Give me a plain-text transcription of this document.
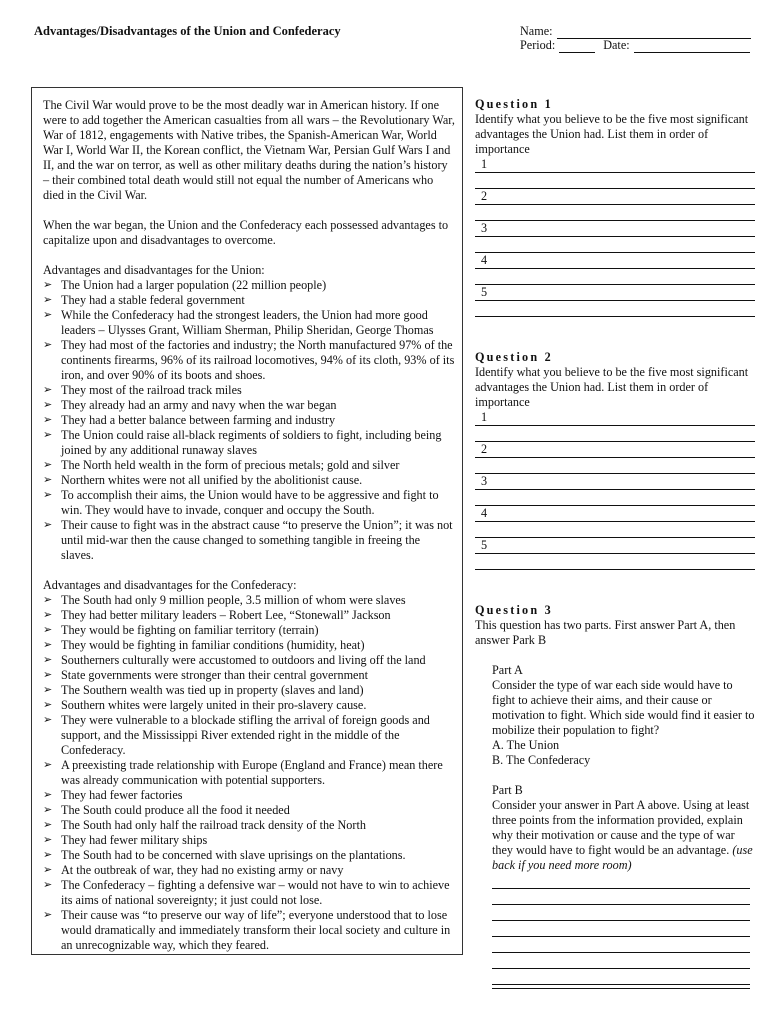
Advantages/Disadvantages of the Union and Confederacy	Name:
Period:	Date:

The Civil War would prove to be the most deadly war in American history. If one were to add together the American casualties from all wars – the Revolutionary War, War of 1812, engagements with Native tribes, the Spanish-American War, World War I, World War II, the Korean conflict, the Vietnam War, Persian Gulf Wars I and II, and the war on terror, as well as other military deaths during the nation’s history – their combined total death would still not equal the number of Americans who died in the Civil War.

When the war began, the Union and the Confederacy each possessed advantages to capitalize upon and disadvantages to overcome.

Advantages and disadvantages for the Union:

➢ The Union had a larger population (22 million people)
➢ They had a stable federal government
➢ While the Confederacy had the strongest leaders, the Union had more good leaders – Ulysses Grant, William Sherman, Philip Sheridan, George Thomas
➢ They had most of the factories and industry; the North manufactured 97% of the continents firearms, 96% of its railroad locomotives, 94% of its cloth, 93% of its iron, and over 90% of its boots and shoes.
➢ They most of the railroad track miles
➢ They already had an army and navy when the war began
➢ They had a better balance between farming and industry
➢ The Union could raise all-black regiments of soldiers to fight, including being joined by any additional runaway slaves
➢ The North held wealth in the form of precious metals; gold and silver
➢ Northern whites were not all unified by the abolitionist cause.
➢ To accomplish their aims, the Union would have to be aggressive and fight to win. They would have to invade, conquer and occupy the South.
➢ Their cause to fight was in the abstract cause “to preserve the Union”; it was not until mid-war then the cause changed to something tangible in freeing the slaves.

Advantages and disadvantages for the Confederacy:

➢ The South had only 9 million people, 3.5 million of whom were slaves
➢ They had better military leaders – Robert Lee, “Stonewall” Jackson
➢ They would be fighting on familiar territory (terrain)
➢ They would be fighting in familiar conditions (humidity, heat)
➢ Southerners culturally were accustomed to outdoors and living off the land
➢ State governments were stronger than their central government
➢ The Southern wealth was tied up in property (slaves and land)
➢ Southern whites were largely united in their pro-slavery cause.
➢ They were vulnerable to a blockade stifling the arrival of foreign goods and support, and the Mississippi River extended right in the middle of the Confederacy.
➢ A preexisting trade relationship with Europe (England and France) mean there was already communication with potential supporters.
➢ They had fewer factories
➢ The South could produce all the food it needed
➢ The South had only half the railroad track density of the North
➢ They had fewer military ships
➢ The South had to be concerned with slave uprisings on the plantations.
➢ At the outbreak of war, they had no existing army or navy
➢ The Confederacy – fighting a defensive war – would not have to win to achieve its aims of national sovereignty; it just could not lose.
➢ Their cause was “to preserve our way of life”; everyone understood that to lose would dramatically and immediately transform their local society and culture in an unrecognizable way, which they feared.
Question 1
Identify what you believe to be the five most significant advantages the Union had. List them in order of importance
1
2
3
4
5
Question 2
Identify what you believe to be the five most significant advantages the Union had. List them in order of importance
1
2
3
4
5
Question 3
This question has two parts. First answer Part A, then answer Park B
Part A
Consider the type of war each side would have to fight to achieve their aims, and their cause or motivation to fight. Which side would find it easier to mobilize their population to fight?
A. The Union
B. The Confederacy
Part B
Consider your answer in Part A above. Using at least three points from the information provided, explain why their motivation or cause and the type of war they would have to fight would be an advantage. (use back if you need more room)
